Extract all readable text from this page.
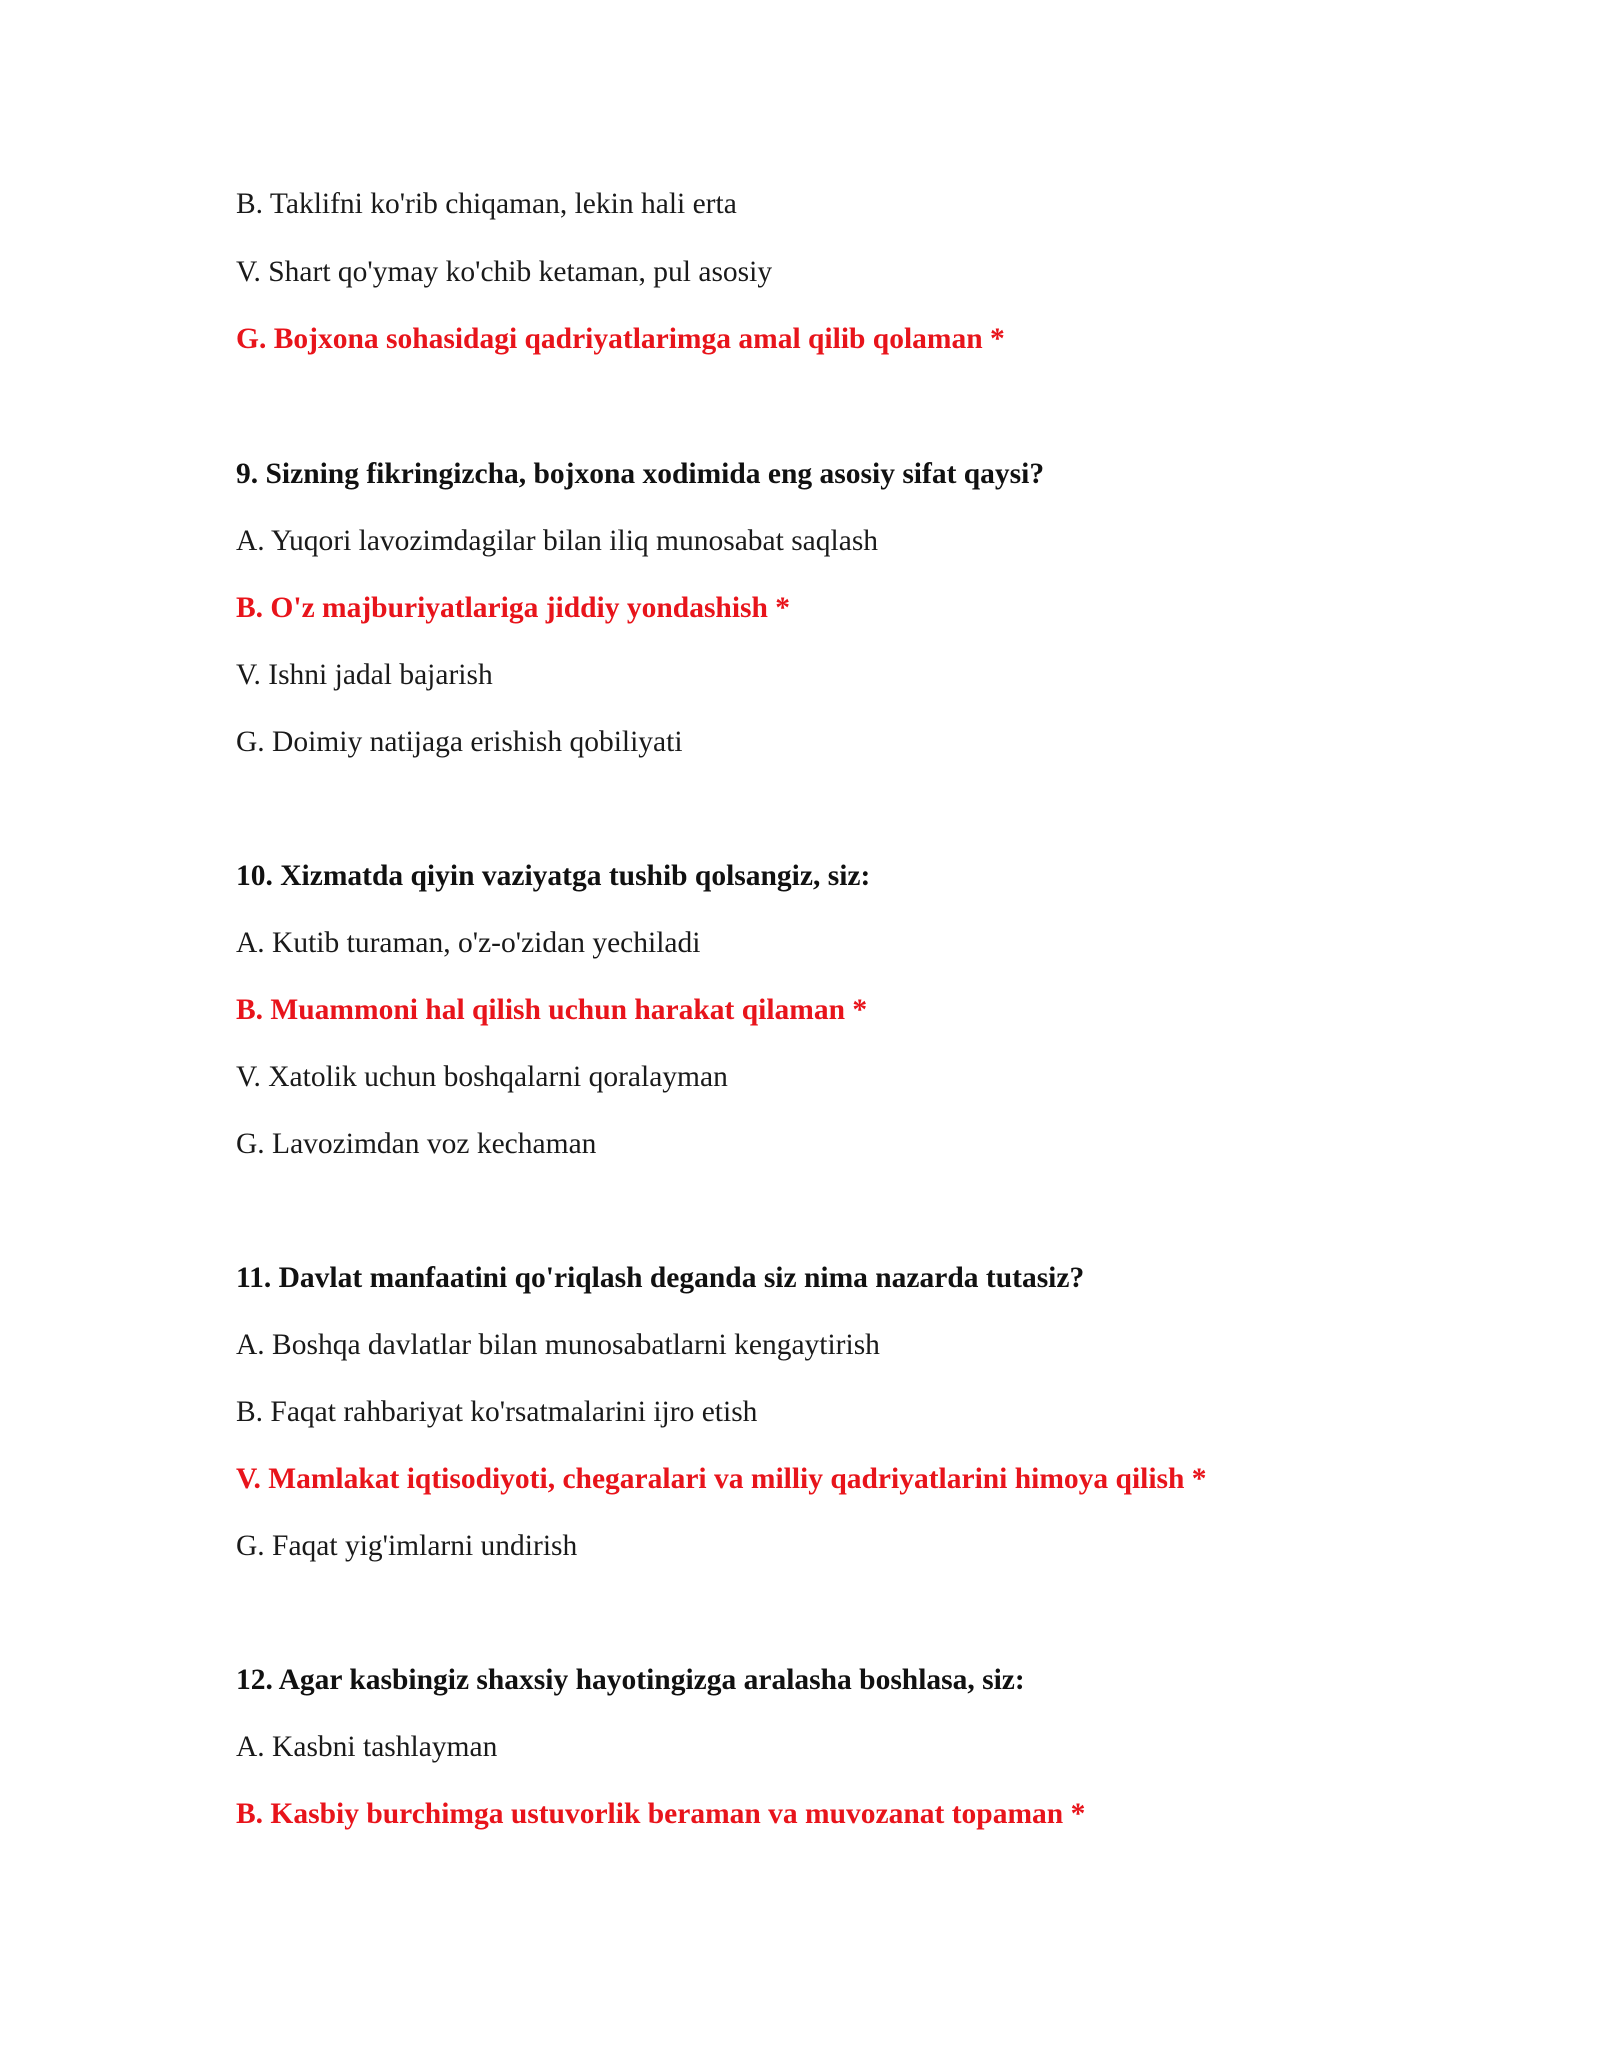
B. Taklifni ko'rib chiqaman, lekin hali erta
V. Shart qo'ymay ko'chib ketaman, pul asosiy
G. Bojxona sohasidagi qadriyatlarimga amal qilib qolaman *
9. Sizning fikringizcha, bojxona xodimida eng asosiy sifat qaysi?
A. Yuqori lavozimdagilar bilan iliq munosabat saqlash
B. O'z majburiyatlariga jiddiy yondashish *
V. Ishni jadal bajarish
G. Doimiy natijaga erishish qobiliyati
10. Xizmatda qiyin vaziyatga tushib qolsangiz, siz:
A. Kutib turaman, o'z-o'zidan yechiladi
B. Muammoni hal qilish uchun harakat qilaman *
V. Xatolik uchun boshqalarni qoralayman
G. Lavozimdan voz kechaman
11. Davlat manfaatini qo'riqlash deganda siz nima nazarda tutasiz?
A. Boshqa davlatlar bilan munosabatlarni kengaytirish
B. Faqat rahbariyat ko'rsatmalarini ijro etish
V. Mamlakat iqtisodiyoti, chegaralari va milliy qadriyatlarini himoya qilish *
G. Faqat yig'imlarni undirish
12. Agar kasbingiz shaxsiy hayotingizga aralasha boshlasa, siz:
A. Kasbni tashlayman
B. Kasbiy burchimga ustuvorlik beraman va muvozanat topaman *
